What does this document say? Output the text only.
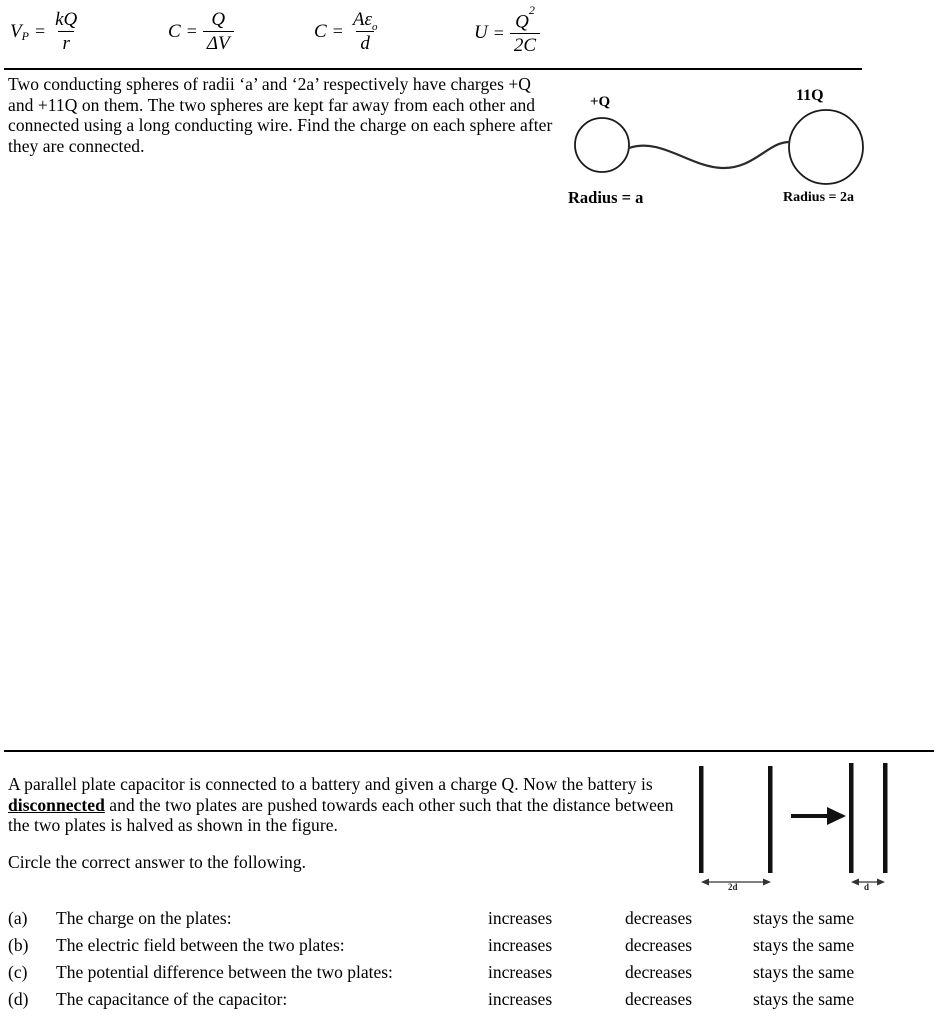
V $P = \frac{kQ}{r}$	$C = \frac{Q}{\Delta V}$	$C = \frac{A\varepsilon_o}{d}$	$U = \frac{Q^2}{2C}$
Two conducting spheres of radii ‘a’ and ‘2a’ respectively have charges +Q and +11Q on them. The two spheres are kept far away from each other and connected using a long conducting wire. Find the charge on each sphere after they are connected.
+Q	11Q
Radius = a	Radius = 2a
A parallel plate capacitor is connected to a battery and given a charge Q. Now the battery is disconnected and the two plates are pushed towards each other such that the distance between the two plates is halved as shown in the figure.
Circle the correct answer to the following.
2d	d
(a) The charge on the plates:	increases	decreases	stays the same
(b) The electric field between the two plates:	increases	decreases	stays the same
(c) The potential difference between the two plates:	increases	decreases	stays the same
(d) The capacitance of the capacitor:	increases	decreases	stays the same
